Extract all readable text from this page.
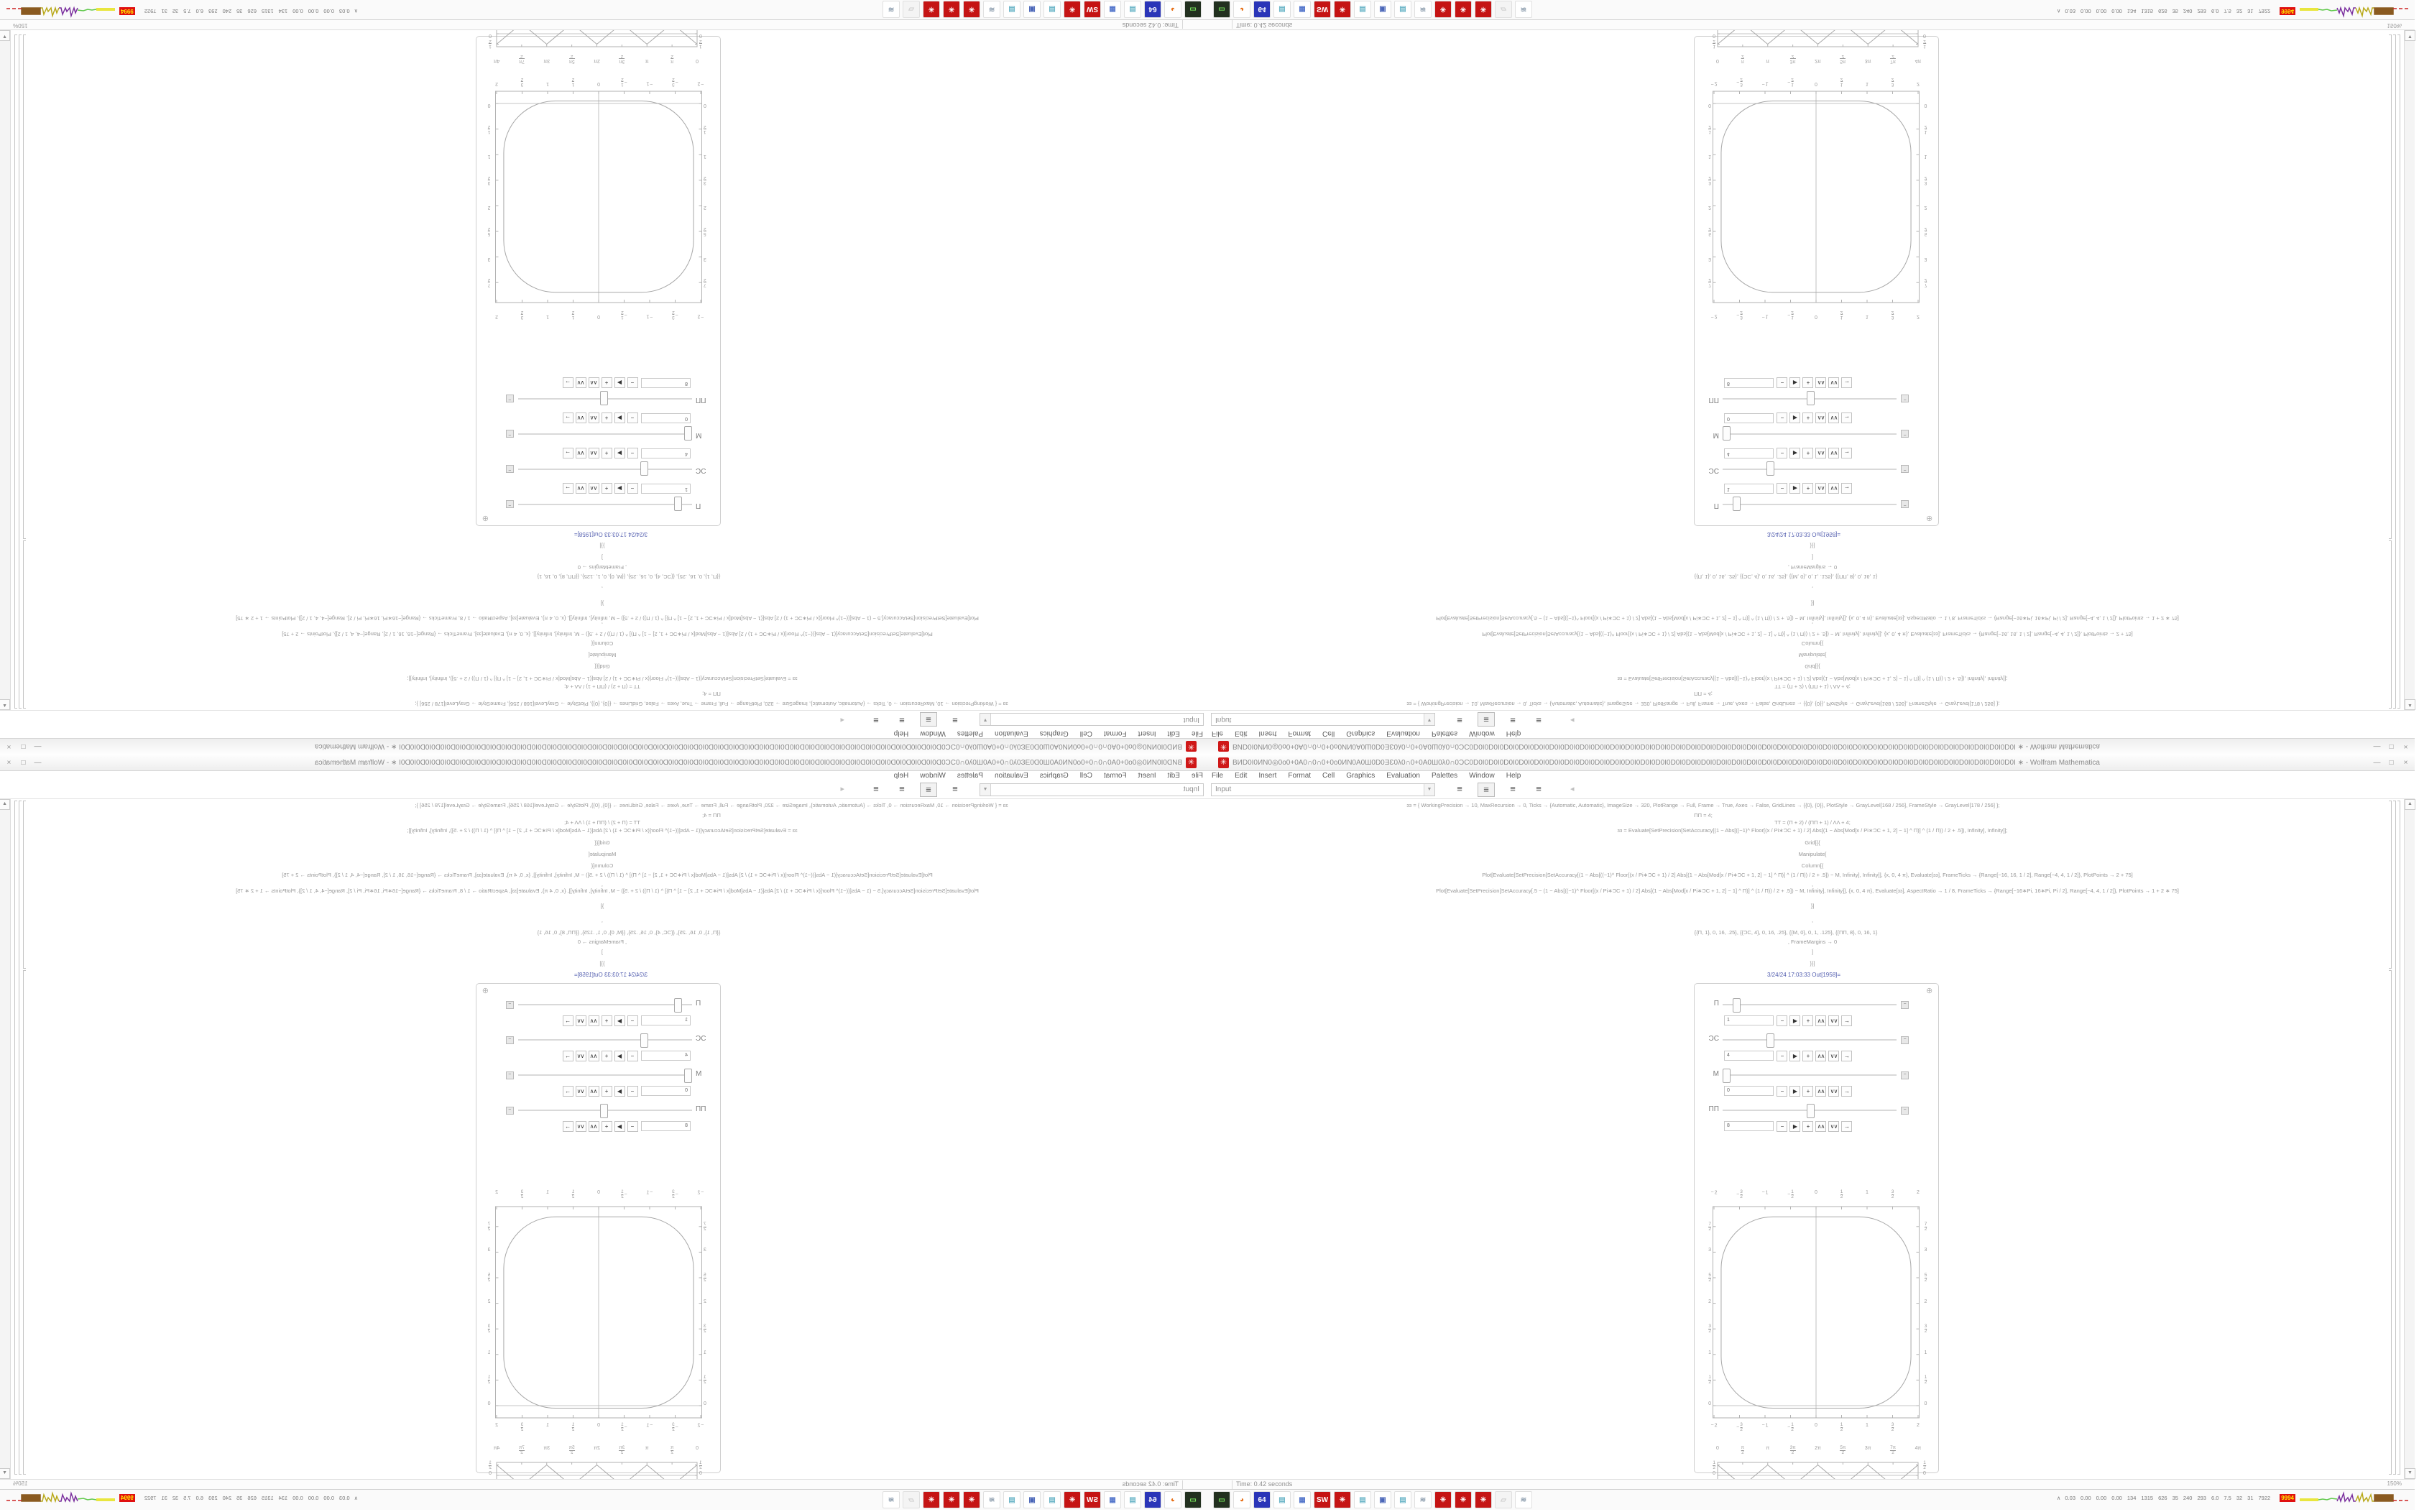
✳
ВИD0I0ИN0◎0o0+0A0∩0∩0+0o0ИN0A0Ш0D0ƎƐ0λ0∩0+0A0Ш0λ0∩0ƆC0D0I0D0I0D0I0D0I0D0I0D0I0D0I0D0I0D0I0D0I0D0I0D0I0D0I0D0I0D0I0D0I0D0I0D0I0D0I0D0I0D0I0D0I0D0I0D0I0D0I0D0I0D0I0D0I0D0I0D0I0D0I0D0I0D0I0D0I0D0I0D0I ∗ - Wolfram Mathematica
—
□
×
File
Edit
Insert
Format
Cell
Graphics
Evaluation
Palettes
Window
Help
Input
▼
≡
≡
≡
≡
◂
ɜɜ = { WorkingPrecision → 10, MaxRecursion → 0, Ticks → {Automatic, Automatic}, ImageSize → 320, PlotRange → Full, Frame → True, Axes → False, GridLines → {{0}, {0}}, PlotStyle → GrayLevel[168 / 256], FrameStyle → GrayLevel[178 / 256] };
ΠΠ = 4;
ΤΤ = (Π + 2) / (ΠΠ + 1) / ΛΛ + 4;
ɜɜ = Evaluate[SetPrecision[SetAccuracy[(1 − Abs[((−1)^ Floor[(x / Pi∗ƆC + 1) / 2] Abs[(1 − Abs[Mod[x / Pi∗ƆC + 1, 2] − 1] ^ Π)] ^ (1 / Π)) / 2 + .5]), Infinity], Infinity]];
Grid[{{
Manipulate[
Column[{
Plot[Evaluate[SetPrecision[SetAccuracy[(1 − Abs[((−1)^ Floor[(x / Pi∗ƆC + 1) / 2] Abs[(1 − Abs[Mod[x / Pi∗ƆC + 1, 2] − 1] ^ Π)] ^ (1 / Π)) / 2 + .5]) − M, Infinity], Infinity]], {x, 0, 4 π}, Evaluate[ɜɜ], FrameTicks → {Range[−16, 16, 1 / 2], Range[−4, 4, 1 / 2]}, PlotPoints → 2 + 75]
,
Plot[Evaluate[SetPrecision[SetAccuracy[.5 − (1 − Abs[((−1)^ Floor[(x / Pi∗ƆC + 1) / 2] Abs[(1 − Abs[Mod[x / Pi∗ƆC + 1, 2] − 1] ^ Π)] ^ (1 / Π)) / 2 + .5]) − M, Infinity], Infinity]], {x, 0, 4 π}, Evaluate[ɜɜ], AspectRatio → 1 / 8, FrameTicks → {Range[−16∗Pi, 16∗Pi, Pi / 2], Range[−4, 4, 1 / 2]}, PlotPoints → 1 + 2 ∗ 75]
}]
,
{{Π, 1}, 0, 16, .25}, {{ƆC, 4}, 0, 16, .25}, {{M, 0}, 0, 1, .125}, {{ΠΠ, 8}, 0, 16, 1}
, FrameMargins → 0
]
}}]
3/24/24 17:03:33 Out[1958]=
⊕
Π
−
1
−
▶
+
∧∧
∨∨
→
ƆC
−
4
−
▶
+
∧∧
∨∨
→
M
−
0
−
▶
+
∧∧
∨∨
→
ΠΠ
−
8
−
▶
+
∧∧
∨∨
→
−2
−2
−
3
2
−
3
2
−1
−1
−
1
2
−
1
2
0
0
1
2
1
2
1
1
3
2
3
2
2
2
0
0
1
2
1
2
1
1
3
2
3
2
2
2
5
2
5
2
3
3
7
2
7
2
0
π
2
π
3π
2
2π
5π
2
3π
7π
2
4π
0
0
1
2
1
2
▲
▼
Time: 0.42 seconds
150%
▭
◕
64
▤
▦
SW
✳
▤
▣
▤
≋
✳
✳
✳
▱
≋
∧
0.030.000.000.001341315626352402936.07.532317922
9994
✳ ВИD0I0ИN0◎0o0+0A0∩0∩0+0o0ИN0A0Ш0D0ƎƐ0λ0∩0+0A0Ш0λ0∩0ƆC0D0I0D0I0D0I0D0I0D0I0D0I0D0I0D0I0D0I0D0I0D0I0D0I0D0I0D0I0D0I0D0I0D0I0D0I0D0I0D0I0D0I0D0I0D0I0D0I0D0I0D0I0D0I0D0I0D0I0D0I0D0I0D0I0D0I0D0I0D0I0D0I ∗ - Wolfram Mathematica	—	□	×
File Edit Insert Format Cell Graphics Evaluation Palettes Window Help
Input	▼	≡	≡	≡	≡	◂
ɜɜ = { WorkingPrecision → 10, MaxRecursion → 0, Ticks → {Automatic, Automatic}, ImageSize → 320, PlotRange → Full, Frame → True, Axes → False, GridLines → {{0}, {0}}, PlotStyle → GrayLevel[168 / 256], FrameStyle → GrayLevel[178 / 256] };
ΠΠ = 4;
ΤΤ = (Π + 2) / (ΠΠ + 1) / ΛΛ + 4;
ɜɜ = Evaluate[SetPrecision[SetAccuracy[(1 − Abs[((−1)^ Floor[(x / Pi∗ƆC + 1) / 2] Abs[(1 − Abs[Mod[x / Pi∗ƆC + 1, 2] − 1] ^ Π)] ^ (1 / Π)) / 2 + .5]), Infinity], Infinity]];
Grid[{{
Manipulate[
Column[{
Plot[Evaluate[SetPrecision[SetAccuracy[(1 − Abs[((−1)^ Floor[(x / Pi∗ƆC + 1) / 2] Abs[(1 − Abs[Mod[x / Pi∗ƆC + 1, 2] − 1] ^ Π)] ^ (1 / Π)) / 2 + .5]) − M, Infinity], Infinity]], {x, 0, 4 π}, Evaluate[ɜɜ], FrameTicks → {Range[−16, 16, 1 / 2], Range[−4, 4, 1 / 2]}, PlotPoints → 2 + 75]
,
Plot[Evaluate[SetPrecision[SetAccuracy[.5 − (1 − Abs[((−1)^ Floor[(x / Pi∗ƆC + 1) / 2] Abs[(1 − Abs[Mod[x / Pi∗ƆC + 1, 2] − 1] ^ Π)] ^ (1 / Π)) / 2 + .5]) − M, Infinity], Infinity]], {x, 0, 4 π}, Evaluate[ɜɜ], AspectRatio → 1 / 8, FrameTicks → {Range[−16∗Pi, 16∗Pi, Pi / 2], Range[−4, 4, 1 / 2]}, PlotPoints → 1 + 2 ∗ 75]
}]
,
{{Π, 1}, 0, 16, .25}, {{ƆC, 4}, 0, 16, .25}, {{M, 0}, 0, 1, .125}, {{ΠΠ, 8}, 0, 16, 1}
, FrameMargins → 0
]
}}]
3/24/24 17:03:33 Out[1958]=
⊕
Π	−
1	−	▶	+	∧∧	∨∨	→
ƆC	−
4	−	▶	+	∧∧	∨∨	→
M	−
0	−	▶	+	∧∧	∨∨	→
ΠΠ	−
8	−	▶	+	∧∧	∨∨	→
−2
−2
−
3
2
−
3
2
−1
−1
−
1
2
−
1
2
0
0
1
2
1
2
1
1
3
2
3
2
2
2
0	0
1
2
1
2
1	1
3
2
3
2
2	2
5
2
5
2
3	3
7
2
7
2
0	π
2
π	3π
2
2π	5π
2
3π	7π
2
4π
0	0
1
2
1
2
▲
▼
Time: 0.42 seconds	150%
▭	◕	64	▤	▦	SW	✳	▤	▣	▤	≋	✳	✳	✳	▱	≋	∧ 0.03 0.00 0.00 0.00 134 1315 626 35 240 293 6.0 7.5 32 31 7922	9994
✳
ВИD0I0ИN0◎0o0+0A0∩0∩0+0o0ИN0A0Ш0D0ƎƐ0λ0∩0+0A0Ш0λ0∩0ƆC0D0I0D0I0D0I0D0I0D0I0D0I0D0I0D0I0D0I0D0I0D0I0D0I0D0I0D0I0D0I0D0I0D0I0D0I0D0I0D0I0D0I0D0I0D0I0D0I0D0I0D0I0D0I0D0I0D0I0D0I0D0I0D0I0D0I0D0I0D0I0D0I ∗ - Wolfram Mathematica
—
□
×
File
Edit
Insert
Format
Cell
Graphics
Evaluation
Palettes
Window
Help
Input
▼
≡
≡
≡
≡
◂
ɜɜ = { WorkingPrecision → 10, MaxRecursion → 0, Ticks → {Automatic, Automatic}, ImageSize → 320, PlotRange → Full, Frame → True, Axes → False, GridLines → {{0}, {0}}, PlotStyle → GrayLevel[168 / 256], FrameStyle → GrayLevel[178 / 256] };
ΠΠ = 4;
ΤΤ = (Π + 2) / (ΠΠ + 1) / ΛΛ + 4;
ɜɜ = Evaluate[SetPrecision[SetAccuracy[(1 − Abs[((−1)^ Floor[(x / Pi∗ƆC + 1) / 2] Abs[(1 − Abs[Mod[x / Pi∗ƆC + 1, 2] − 1] ^ Π)] ^ (1 / Π)) / 2 + .5]), Infinity], Infinity]];
Grid[{{
Manipulate[
Column[{
Plot[Evaluate[SetPrecision[SetAccuracy[(1 − Abs[((−1)^ Floor[(x / Pi∗ƆC + 1) / 2] Abs[(1 − Abs[Mod[x / Pi∗ƆC + 1, 2] − 1] ^ Π)] ^ (1 / Π)) / 2 + .5]) − M, Infinity], Infinity]], {x, 0, 4 π}, Evaluate[ɜɜ], FrameTicks → {Range[−16, 16, 1 / 2], Range[−4, 4, 1 / 2]}, PlotPoints → 2 + 75]
,
Plot[Evaluate[SetPrecision[SetAccuracy[.5 − (1 − Abs[((−1)^ Floor[(x / Pi∗ƆC + 1) / 2] Abs[(1 − Abs[Mod[x / Pi∗ƆC + 1, 2] − 1] ^ Π)] ^ (1 / Π)) / 2 + .5]) − M, Infinity], Infinity]], {x, 0, 4 π}, Evaluate[ɜɜ], AspectRatio → 1 / 8, FrameTicks → {Range[−16∗Pi, 16∗Pi, Pi / 2], Range[−4, 4, 1 / 2]}, PlotPoints → 1 + 2 ∗ 75]
}]
,
{{Π, 1}, 0, 16, .25}, {{ƆC, 4}, 0, 16, .25}, {{M, 0}, 0, 1, .125}, {{ΠΠ, 8}, 0, 16, 1}
, FrameMargins → 0
]
}}]
3/24/24 17:03:33 Out[1958]=
⊕
Π
−
1
−
▶
+
∧∧
∨∨
→
ƆC
−
4
−
▶
+
∧∧
∨∨
→
M
−
0
−
▶
+
∧∧
∨∨
→
ΠΠ
−
8
−
▶
+
∧∧
∨∨
→
−2
−2
−
$\frac{3}{2}$
−
$\frac{3}{2}$
−1
−1
−
$\frac{1}{2}$
−
$\frac{1}{2}$
0
0
$\frac{1}{2}$
$\frac{1}{2}$
1
1
$\frac{3}{2}$
$\frac{3}{2}$
2
2
0
0
$\frac{1}{2}$
$\frac{1}{2}$
1
1
$\frac{3}{2}$
$\frac{3}{2}$
2
2
$\frac{5}{2}$
$\frac{5}{2}$
3
3
$\frac{7}{2}$
$\frac{7}{2}$
0
$\frac{\pi}{2}$
π
$\frac{3\pi}{2}$
2π
$\frac{5\pi}{2}$
3π
$\frac{7\pi}{2}$
4π
0
0
$\frac{1}{2}$
$\frac{1}{2}$
▲
▼
Time: 0.42 seconds
150%
▭
◕
64
▤
▦
SW
✳
▤
▣
▤
≋
✳
✳
✳
▱
≋
∧
0.030.000.000.001341315626352402936.07.532317922
9994
✳ ВИD0I0ИN0◎0o0+0A0∩0∩0+0o0ИN0A0Ш0D0ƎƐ0λ0∩0+0A0Ш0λ0∩0ƆC0D0I0D0I0D0I0D0I0D0I0D0I0D0I0D0I0D0I0D0I0D0I0D0I0D0I0D0I0D0I0D0I0D0I0D0I0D0I0D0I0D0I0D0I0D0I0D0I0D0I0D0I0D0I0D0I0D0I0D0I0D0I0D0I0D0I0D0I0D0I0D0I ∗ - Wolfram Mathematica	—	□	×
File Edit Insert Format Cell Graphics Evaluation Palettes Window Help
Input	▼	≡	≡	≡	≡	◂
ɜɜ = { WorkingPrecision → 10, MaxRecursion → 0, Ticks → {Automatic, Automatic}, ImageSize → 320, PlotRange → Full, Frame → True, Axes → False, GridLines → {{0}, {0}}, PlotStyle → GrayLevel[168 / 256], FrameStyle → GrayLevel[178 / 256] };
ΠΠ = 4;
ΤΤ = (Π + 2) / (ΠΠ + 1) / ΛΛ + 4;
ɜɜ = Evaluate[SetPrecision[SetAccuracy[(1 − Abs[((−1)^ Floor[(x / Pi∗ƆC + 1) / 2] Abs[(1 − Abs[Mod[x / Pi∗ƆC + 1, 2] − 1] ^ Π)] ^ (1 / Π)) / 2 + .5]), Infinity], Infinity]];
Grid[{{
Manipulate[
Column[{
Plot[Evaluate[SetPrecision[SetAccuracy[(1 − Abs[((−1)^ Floor[(x / Pi∗ƆC + 1) / 2] Abs[(1 − Abs[Mod[x / Pi∗ƆC + 1, 2] − 1] ^ Π)] ^ (1 / Π)) / 2 + .5]) − M, Infinity], Infinity]], {x, 0, 4 π}, Evaluate[ɜɜ], FrameTicks → {Range[−16, 16, 1 / 2], Range[−4, 4, 1 / 2]}, PlotPoints → 2 + 75]
,
Plot[Evaluate[SetPrecision[SetAccuracy[.5 − (1 − Abs[((−1)^ Floor[(x / Pi∗ƆC + 1) / 2] Abs[(1 − Abs[Mod[x / Pi∗ƆC + 1, 2] − 1] ^ Π)] ^ (1 / Π)) / 2 + .5]) − M, Infinity], Infinity]], {x, 0, 4 π}, Evaluate[ɜɜ], AspectRatio → 1 / 8, FrameTicks → {Range[−16∗Pi, 16∗Pi, Pi / 2], Range[−4, 4, 1 / 2]}, PlotPoints → 1 + 2 ∗ 75]
}]
,
{{Π, 1}, 0, 16, .25}, {{ƆC, 4}, 0, 16, .25}, {{M, 0}, 0, 1, .125}, {{ΠΠ, 8}, 0, 16, 1}
, FrameMargins → 0
]
}}]
3/24/24 17:03:33 Out[1958]=
⊕
Π	−
1	−	▶	+	∧∧	∨∨	→
ƆC	−
4	−	▶	+	∧∧	∨∨	→
M	−
0	−	▶	+	∧∧	∨∨	→
ΠΠ	−
8	−	▶	+	∧∧	∨∨	→
−2
−2
− $\frac{3}{2}$
− $\frac{3}{2}$
−1
−1
− $\frac{1}{2}$
− $\frac{1}{2}$
0
0
$\frac{1}{2}$
$\frac{1}{2}$
1
1
$\frac{3}{2}$
$\frac{3}{2}$
2
2
0	0
$\frac{1}{2}$	$\frac{1}{2}$
1	1
$\frac{3}{2}$	$\frac{3}{2}$
2	2
$\frac{5}{2}$	$\frac{5}{2}$
3	3
$\frac{7}{2}$	$\frac{7}{2}$
0	$\frac{\pi}{2}$	π	$\frac{3\pi}{2}$	2π	$\frac{5\pi}{2}$	3π	$\frac{7\pi}{2}$	4π
0	0
$\frac{1}{2}$	$\frac{1}{2}$
▲
▼
Time: 0.42 seconds	150%
▭	◕	64	▤	▦	SW	✳	▤	▣	▤	≋	✳	✳	✳	▱	≋	∧ 0.03 0.00 0.00 0.00 134 1315 626 35 240 293 6.0 7.5 32 31 7922	9994
